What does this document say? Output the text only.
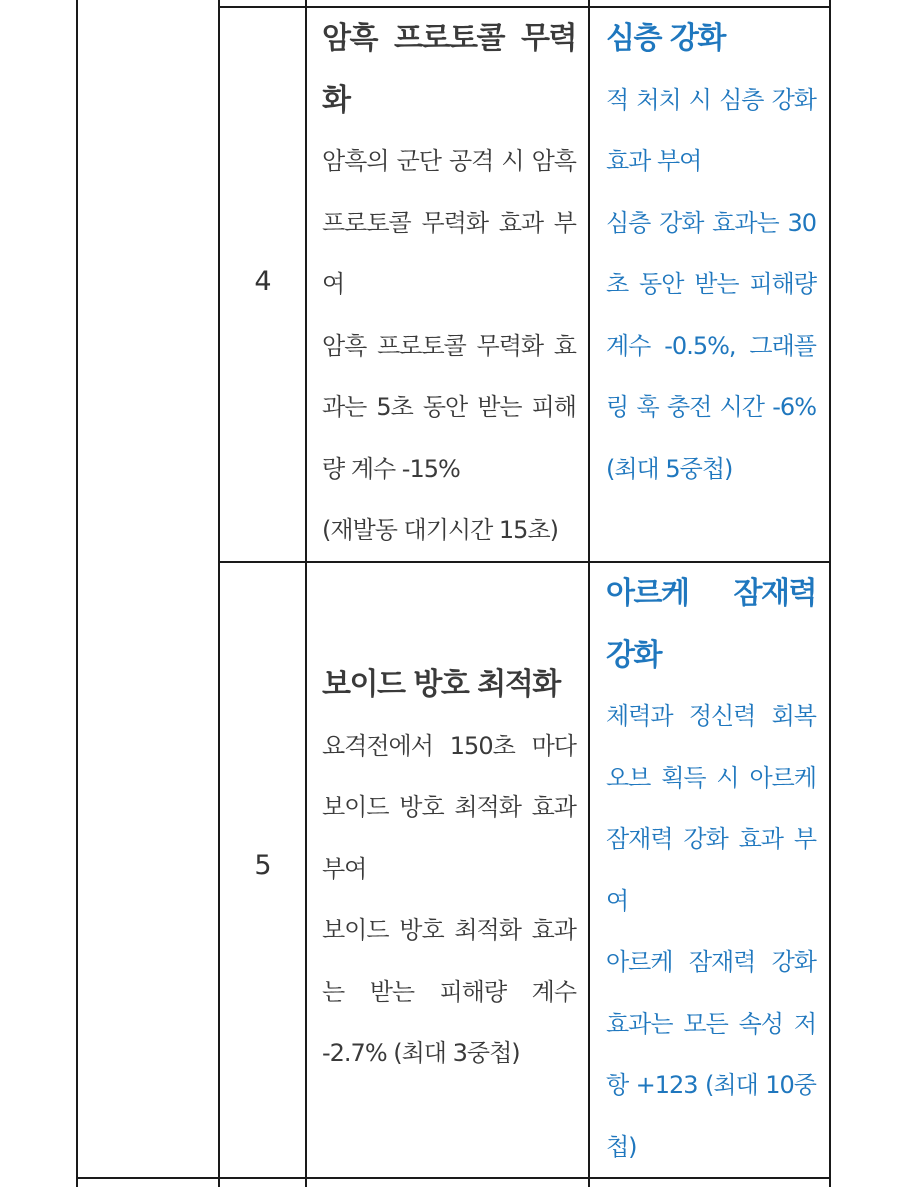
4

암흑 프로토콜 무력화

암흑의 군단 공격 시 암흑 프로토콜 무력화 효과 부여

암흑 프로토콜 무력화 효과는 5초 동안 받는 피해량 계수 -15%

(재발동 대기시간 15초)

심층 강화

적 처치 시 심층 강화 효과 부여

심층 강화 효과는 30초 동안 받는 피해량 계수 -0.5%, 그래플링 훅 충전 시간 -6% (최대 5중첩)

5

보이드 방호 최적화

요격전에서 150초 마다 보이드 방호 최적화 효과 부여

보이드 방호 최적화 효과는 받는 피해량 계수 -2.7% (최대 3중첩)

아르케 잠재력 강화

체력과 정신력 회복 오브 획득 시 아르케 잠재력 강화 효과 부여

아르케 잠재력 강화 효과는 모든 속성 저항 +123 (최대 10중첩)
